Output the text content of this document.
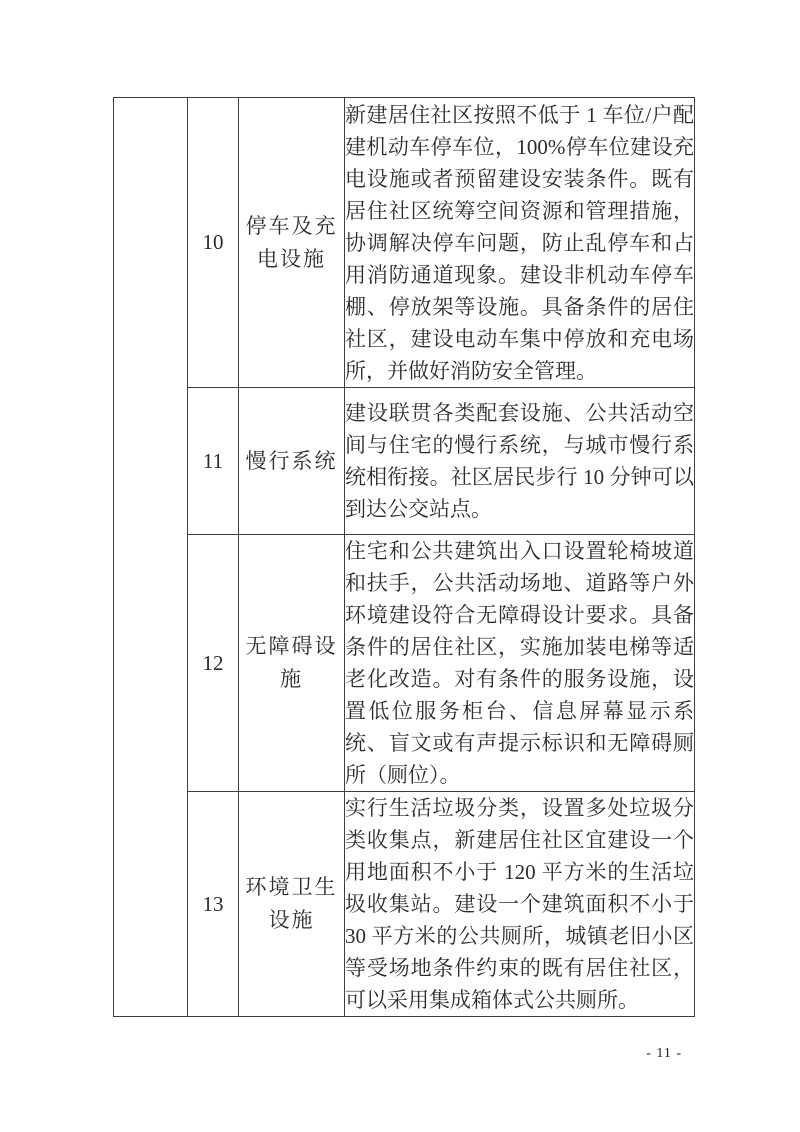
	10	停车及充电设施	新建居住社区按照不低于 1 车位/户配建机动车停车位，100%停车位建设充电设施或者预留建设安装条件。既有居住社区统筹空间资源和管理措施，协调解决停车问题，防止乱停车和占用消防通道现象。建设非机动车停车棚、停放架等设施。具备条件的居住社区，建设电动车集中停放和充电场所，并做好消防安全管理。
	11	慢行系统	建设联贯各类配套设施、公共活动空间与住宅的慢行系统，与城市慢行系统相衔接。社区居民步行 10 分钟可以到达公交站点。
	12	无障碍设施	住宅和公共建筑出入口设置轮椅坡道和扶手，公共活动场地、道路等户外环境建设符合无障碍设计要求。具备条件的居住社区，实施加装电梯等适老化改造。对有条件的服务设施，设置低位服务柜台、信息屏幕显示系统、盲文或有声提示标识和无障碍厕所（厕位）。
	13	环境卫生设施	实行生活垃圾分类，设置多处垃圾分类收集点，新建居住社区宜建设一个用地面积不小于 120 平方米的生活垃圾收集站。建设一个建筑面积不小于 30 平方米的公共厕所，城镇老旧小区等受场地条件约束的既有居住社区，可以采用集成箱体式公共厕所。
- 11 -
